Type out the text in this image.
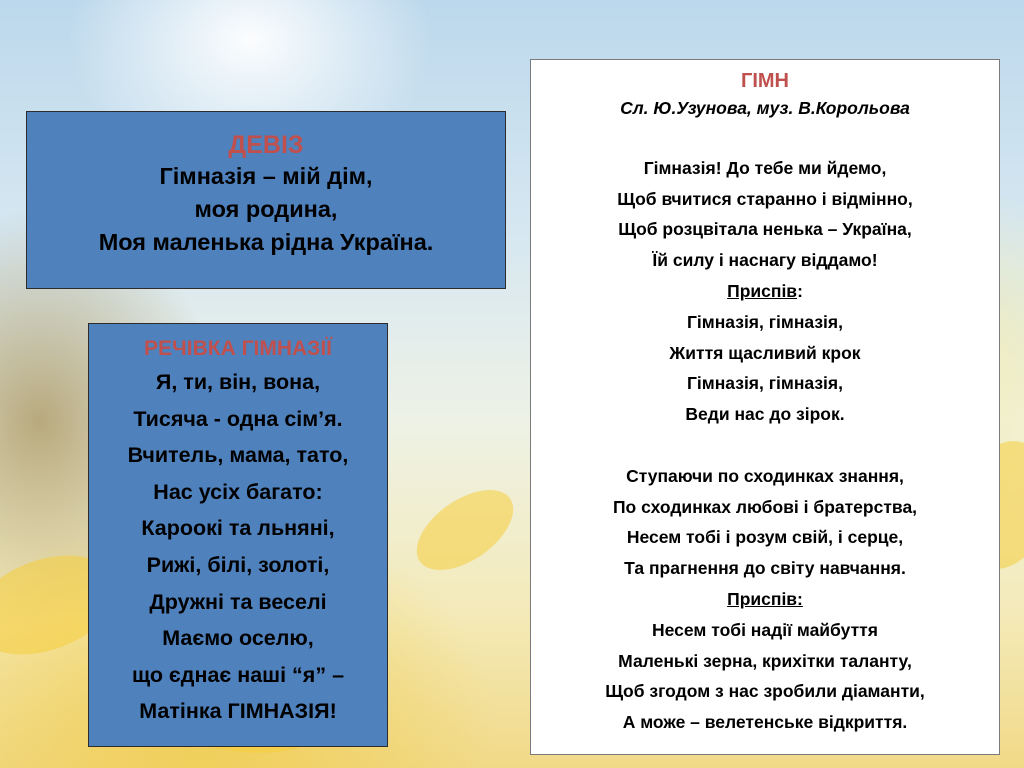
ДЕВІЗ
Гімназія – мій дім,
моя родина,
Моя маленька рідна Україна.
РЕЧІВКА ГІМНАЗІЇ
Я, ти, він, вона,
Тисяча - одна сім’я.
Вчитель, мама, тато,
Нас усіх багато:
Кароокі та льняні,
Рижі, білі, золоті,
Дружні та веселі
Маємо оселю,
що єднає наші “я” –
Матінка ГІМНАЗІЯ!
ГІМН
Сл. Ю.Узунова, муз. В.Корольова
Гімназія! До тебе ми йдемо,
Щоб вчитися старанно і відмінно,
Щоб розцвітала ненька – Україна,
Їй силу і наснагу віддамо!
Приспів:
Гімназія, гімназія,
Життя щасливий крок
Гімназія, гімназія,
Веди нас до зірок.
Ступаючи по сходинках знання,
По сходинках любові і братерства,
Несем тобі і розум свій, і серце,
Та прагнення до світу навчання.
Приспів:
Несем тобі надії майбуття
Маленькі зерна, крихітки таланту,
Щоб згодом з нас зробили діаманти,
А може – велетенське відкриття.
